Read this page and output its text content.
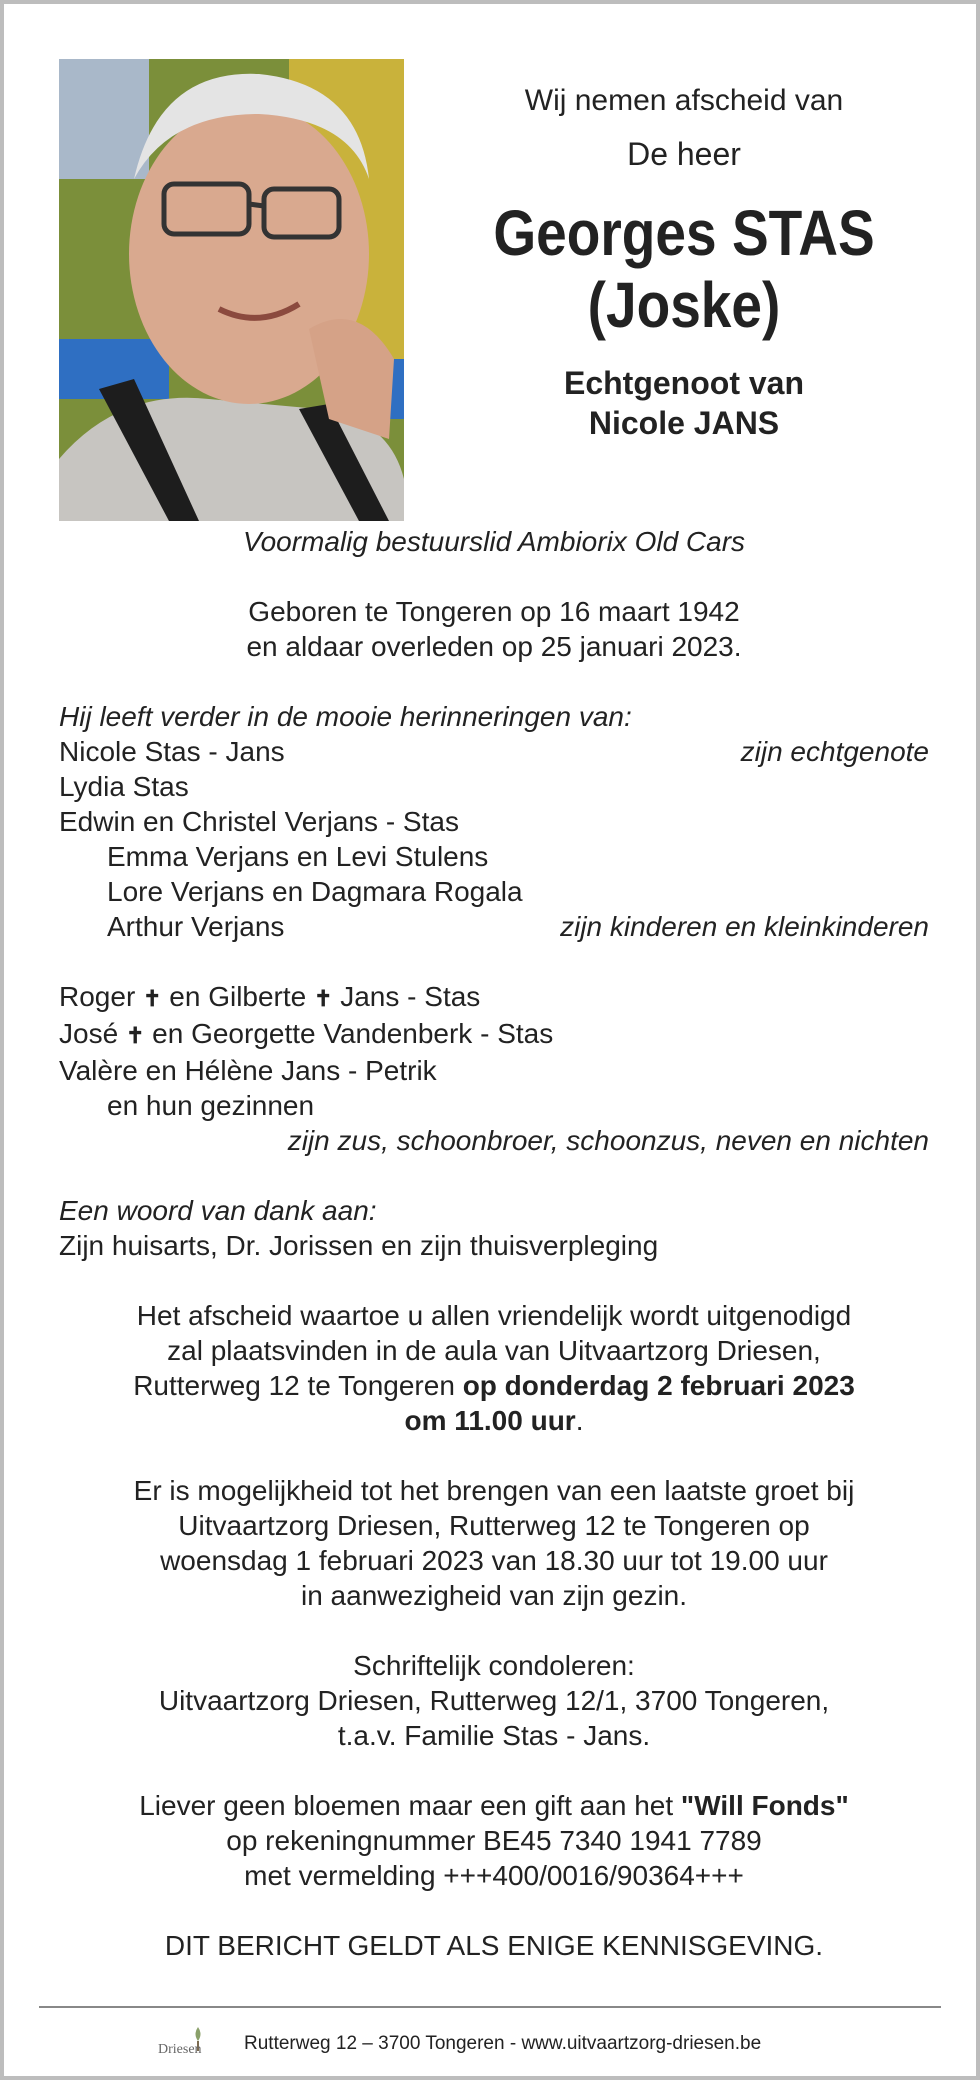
Wij nemen afscheid van
De heer
Georges STAS
(Joske)
Echtgenoot van
Nicole JANS
Voormalig bestuurslid Ambiorix Old Cars
Geboren te Tongeren op 16 maart 1942
en aldaar overleden op 25 januari 2023.
Hij leeft verder in de mooie herinneringen van:
Nicole Stas - Jans	zijn echtgenote
Lydia Stas
Edwin en Christel Verjans - Stas
Emma Verjans en Levi Stulens
Lore Verjans en Dagmara Rogala
Arthur Verjans	zijn kinderen en kleinkinderen
Roger ✝ en Gilberte ✝ Jans - Stas
José ✝ en Georgette Vandenberk - Stas
Valère en Hélène Jans - Petrik
en hun gezinnen
zijn zus, schoonbroer, schoonzus, neven en nichten
Een woord van dank aan:
Zijn huisarts, Dr. Jorissen en zijn thuisverpleging
Het afscheid waartoe u allen vriendelijk wordt uitgenodigd
zal plaatsvinden in de aula van Uitvaartzorg Driesen,
Rutterweg 12 te Tongeren op donderdag 2 februari 2023
om 11.00 uur.
Er is mogelijkheid tot het brengen van een laatste groet bij
Uitvaartzorg Driesen, Rutterweg 12 te Tongeren op
woensdag 1 februari 2023 van 18.30 uur tot 19.00 uur
in aanwezigheid van zijn gezin.
Schriftelijk condoleren:
Uitvaartzorg Driesen, Rutterweg 12/1, 3700 Tongeren,
t.a.v. Familie Stas - Jans.
Liever geen bloemen maar een gift aan het "Will Fonds"
op rekeningnummer BE45 7340 1941 7789
met vermelding +++400/0016/90364+++
DIT BERICHT GELDT ALS ENIGE KENNISGEVING.
Driesen Rutterweg 12 – 3700 Tongeren - www.uitvaartzorg-driesen.be
